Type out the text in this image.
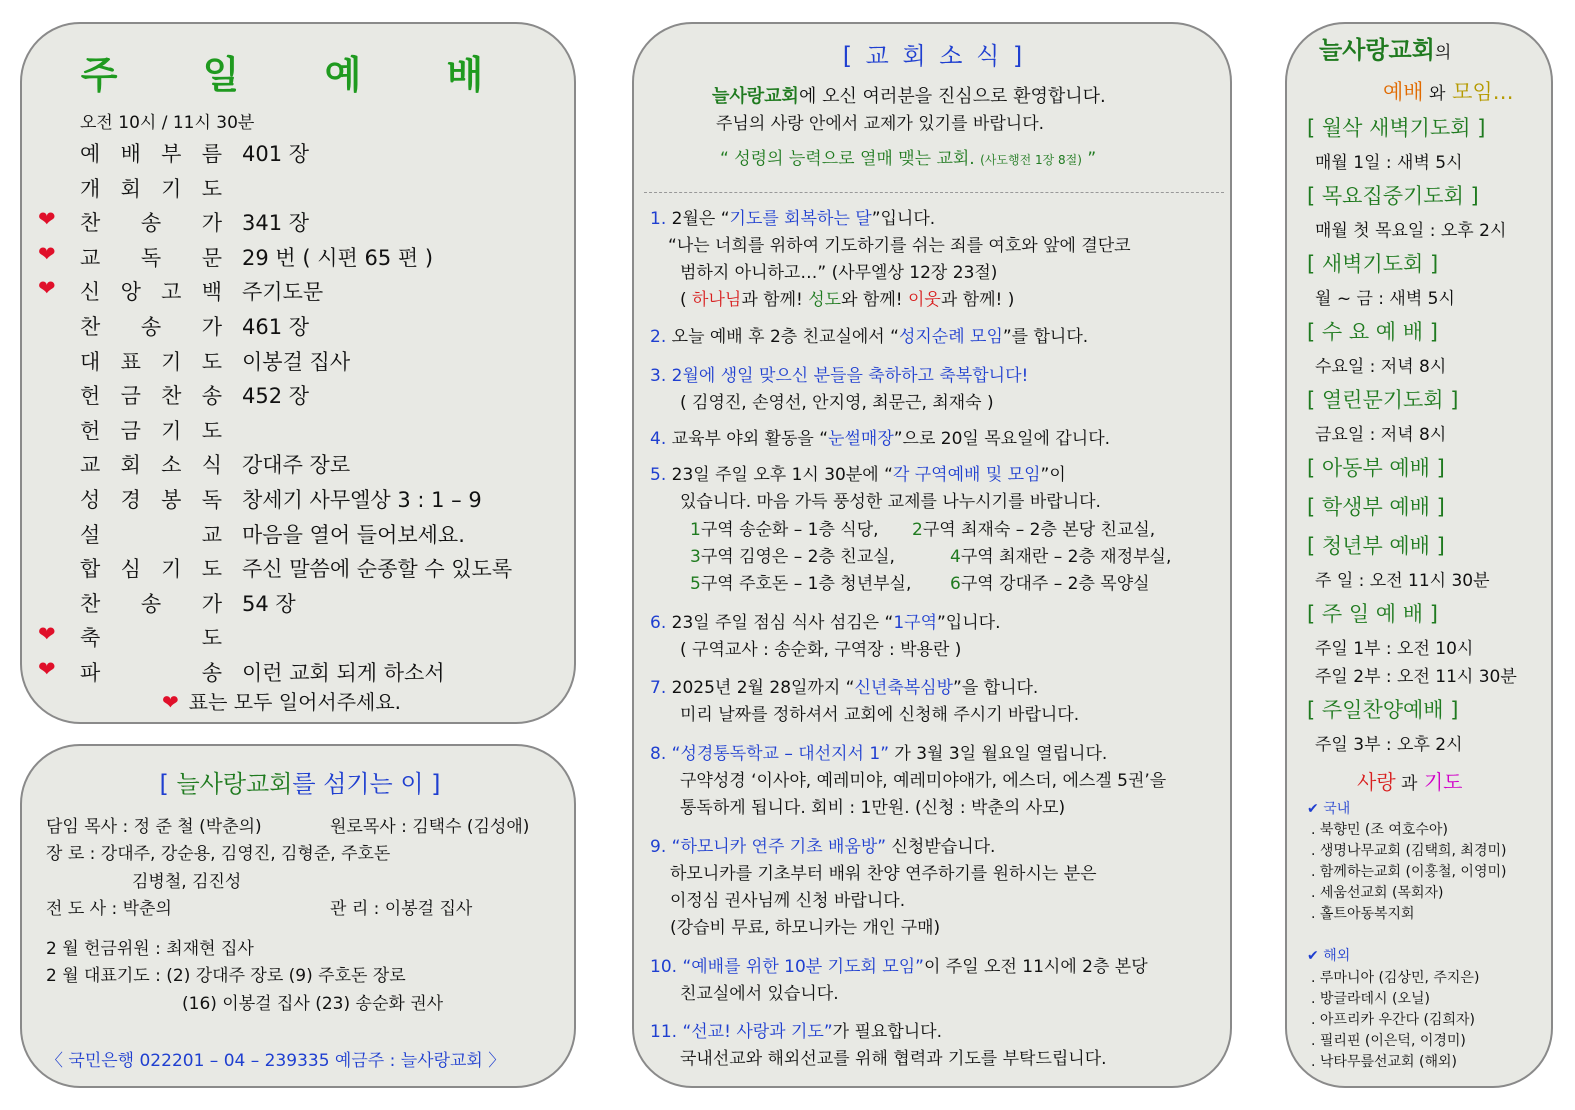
주 일 예 배
오전 10시 / 11시 30분
예 배 부 름 401 장
개 회 기 도
❤ 찬 송 가 341 장
❤ 교 독 문 29 번 ( 시편 65 편 )
❤ 신 앙 고 백 주기도문
찬 송 가 461 장
대 표 기 도 이봉걸 집사
헌 금 찬 송 452 장
헌 금 기 도
교 회 소 식 강대주 장로
성 경 봉 독 창세기 사무엘상 3 : 1 – 9
설	교 마음을 열어 들어보세요.
합 심 기 도 주신 말씀에 순종할 수 있도록
찬 송 가 54 장
❤ 축	도
❤ 파	송 이런 교회 되게 하소서
❤ 표는 모두 일어서주세요.
[ 늘사랑교회를 섬기는 이 ]
담임 목사 : 정 준 철 (박춘의)	원로목사 : 김택수 (김성애)
장 로 : 강대주, 강순용, 김영진, 김형준, 주호돈
김병철, 김진성
전 도 사 : 박춘의	관 리 : 이봉걸 집사
2 월 헌금위원 : 최재현 집사
2 월 대표기도 : (2) 강대주 장로 (9) 주호돈 장로
(16) 이봉걸 집사 (23) 송순화 권사
〈 국민은행 022201 – 04 – 239335 예금주 : 늘사랑교회 〉
[ 교 회 소 식 ]
늘사랑교회에 오신 여러분을 진심으로 환영합니다.
주님의 사랑 안에서 교제가 있기를 바랍니다.
“ 성령의 능력으로 열매 맺는 교회. (사도행전 1장 8절) ”
1. 2월은 “기도를 회복하는 달”입니다.
“나는 너희를 위하여 기도하기를 쉬는 죄를 여호와 앞에 결단코
범하지 아니하고…” (사무엘상 12장 23절)
( 하나님과 함께! 성도와 함께! 이웃과 함께! )
2. 오늘 예배 후 2층 친교실에서 “성지순례 모임”를 합니다.
3. 2월에 생일 맞으신 분들을 축하하고 축복합니다!
( 김영진, 손영선, 안지영, 최문근, 최재숙 )
4. 교육부 야외 활동을 “눈썰매장”으로 20일 목요일에 갑니다.
5. 23일 주일 오후 1시 30분에 “각 구역예배 및 모임”이
있습니다. 마음 가득 풍성한 교제를 나누시기를 바랍니다.
1구역 송순화 – 1층 식당, 2구역 최재숙 – 2층 본당 친교실,
3구역 김영은 – 2층 친교실,	4구역 최재란 – 2층 재정부실,
5구역 주호돈 – 1층 청년부실, 6구역 강대주 – 2층 목양실
6. 23일 주일 점심 식사 섬김은 “1구역”입니다.
( 구역교사 : 송순화, 구역장 : 박용란 )
7. 2025년 2월 28일까지 “신년축복심방”을 합니다.
미리 날짜를 정하셔서 교회에 신청해 주시기 바랍니다.
8. “성경통독학교 – 대선지서 1” 가 3월 3일 월요일 열립니다.
구약성경 ‘이사야, 예레미야, 예레미야애가, 에스더, 에스겔 5권’을
통독하게 됩니다. 회비 : 1만원. (신청 : 박춘의 사모)
9. “하모니카 연주 기초 배움방” 신청받습니다.
하모니카를 기초부터 배워 찬양 연주하기를 원하시는 분은
이정심 권사님께 신청 바랍니다.
(강습비 무료, 하모니카는 개인 구매)
10. “예배를 위한 10분 기도회 모임”이 주일 오전 11시에 2층 본당
친교실에서 있습니다.
11. “선교! 사랑과 기도”가 필요합니다.
국내선교와 해외선교를 위해 협력과 기도를 부탁드립니다.
늘사랑교회의
예배 와 모임…
[ 월삭 새벽기도회 ]
매월 1일 : 새벽 5시
[ 목요집중기도회 ]
매월 첫 목요일 : 오후 2시
[ 새벽기도회 ]
월 ~ 금 : 새벽 5시
[ 수 요 예 배 ]
수요일 : 저녁 8시
[ 열린문기도회 ]
금요일 : 저녁 8시
[ 아동부 예배 ]
[ 학생부 예배 ]
[ 청년부 예배 ]
주 일 : 오전 11시 30분
[ 주 일 예 배 ]
주일 1부 : 오전 10시
주일 2부 : 오전 11시 30분
[ 주일찬양예배 ]
주일 3부 : 오후 2시
사랑 과 기도
✔ 국내
. 북향민 (조 여호수아)
. 생명나무교회 (김택희, 최경미)
. 함께하는교회 (이홍철, 이영미)
. 세움선교회 (목회자)
. 홀트아동복지회
✔ 해외
. 루마니아 (김상민, 주지은)
. 방글라데시 (오닐)
. 아프리카 우간다 (김희자)
. 필리핀 (이은덕, 이경미)
. 낙타무릎선교회 (해외)
